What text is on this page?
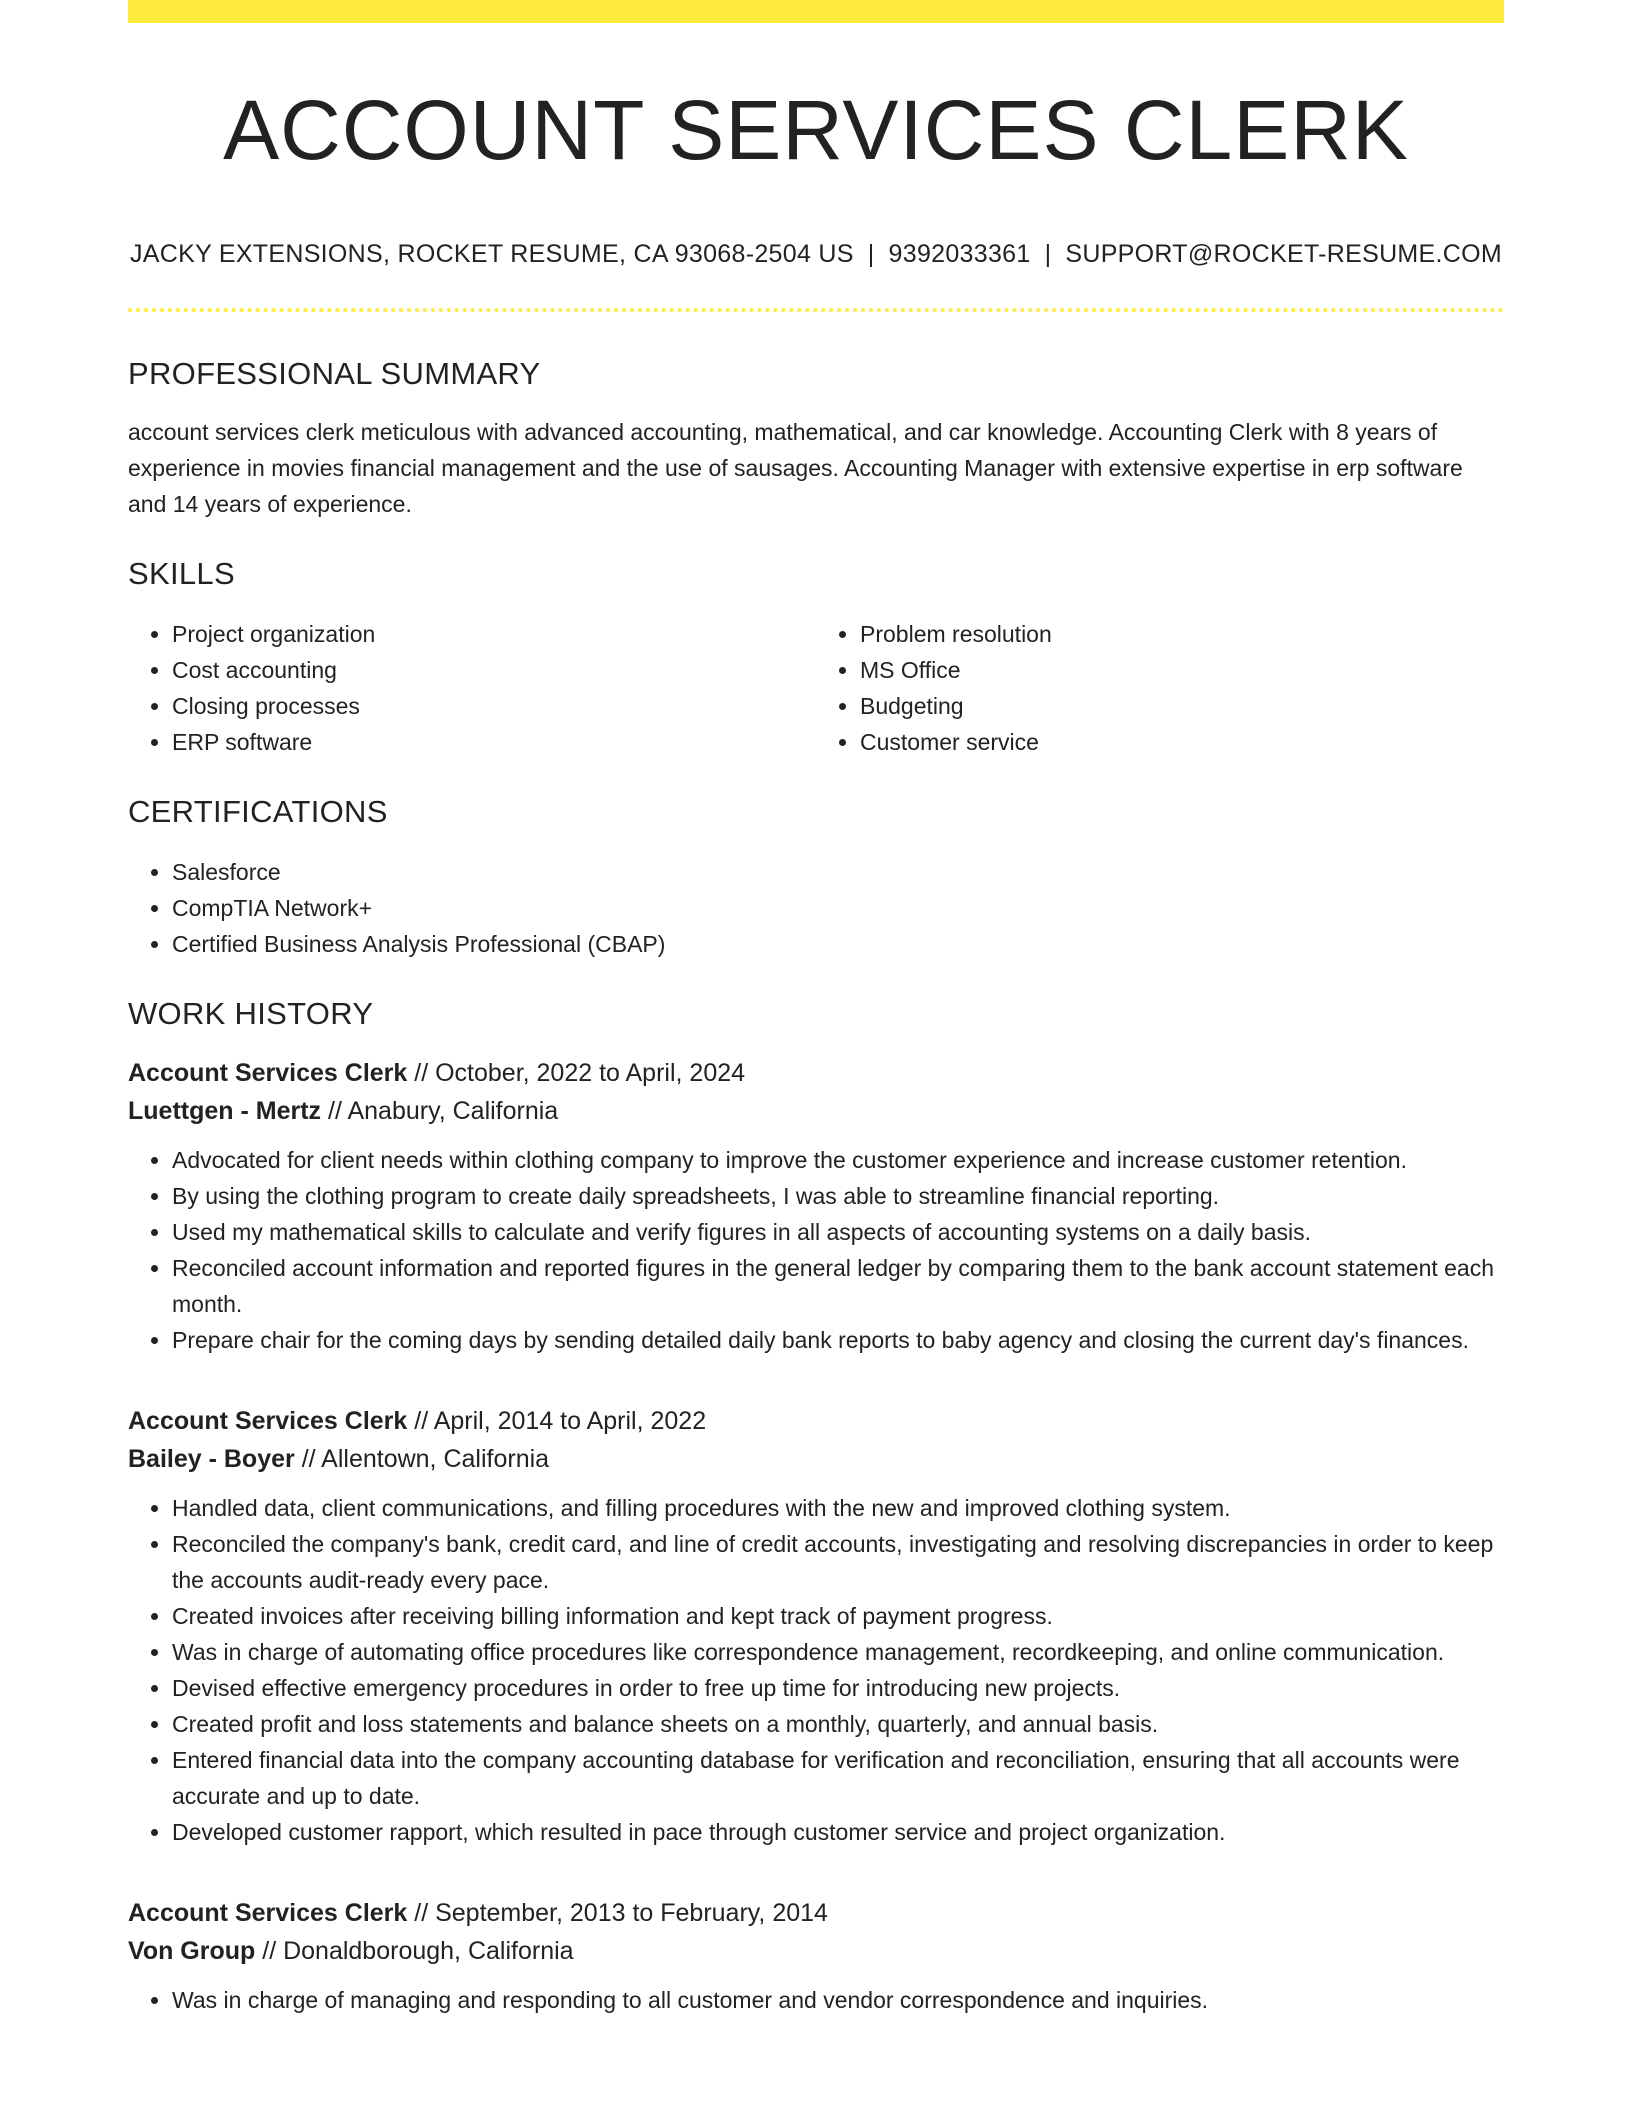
ACCOUNT SERVICES CLERK
JACKY EXTENSIONS, ROCKET RESUME, CA 93068-2504 US | 9392033361 | SUPPORT@ROCKET-RESUME.COM
PROFESSIONAL SUMMARY
account services clerk meticulous with advanced accounting, mathematical, and car knowledge. Accounting Clerk with 8 years of experience in movies financial management and the use of sausages. Accounting Manager with extensive expertise in erp software and 14 years of experience.
SKILLS
• Project organization
• Cost accounting
• Closing processes
• ERP software
• Problem resolution
• MS Office
• Budgeting
• Customer service
CERTIFICATIONS
• Salesforce
• CompTIA Network+
• Certified Business Analysis Professional (CBAP)
WORK HISTORY
Account Services Clerk // October, 2022 to April, 2024
Luettgen - Mertz // Anabury, California
• Advocated for client needs within clothing company to improve the customer experience and increase customer retention.
• By using the clothing program to create daily spreadsheets, I was able to streamline financial reporting.
• Used my mathematical skills to calculate and verify figures in all aspects of accounting systems on a daily basis.
• Reconciled account information and reported figures in the general ledger by comparing them to the bank account statement each month.
• Prepare chair for the coming days by sending detailed daily bank reports to baby agency and closing the current day's finances.
Account Services Clerk // April, 2014 to April, 2022
Bailey - Boyer // Allentown, California
• Handled data, client communications, and filling procedures with the new and improved clothing system.
• Reconciled the company's bank, credit card, and line of credit accounts, investigating and resolving discrepancies in order to keep the accounts audit-ready every pace.
• Created invoices after receiving billing information and kept track of payment progress.
• Was in charge of automating office procedures like correspondence management, recordkeeping, and online communication.
• Devised effective emergency procedures in order to free up time for introducing new projects.
• Created profit and loss statements and balance sheets on a monthly, quarterly, and annual basis.
• Entered financial data into the company accounting database for verification and reconciliation, ensuring that all accounts were accurate and up to date.
• Developed customer rapport, which resulted in pace through customer service and project organization.
Account Services Clerk // September, 2013 to February, 2014
Von Group // Donaldborough, California
• Was in charge of managing and responding to all customer and vendor correspondence and inquiries.
